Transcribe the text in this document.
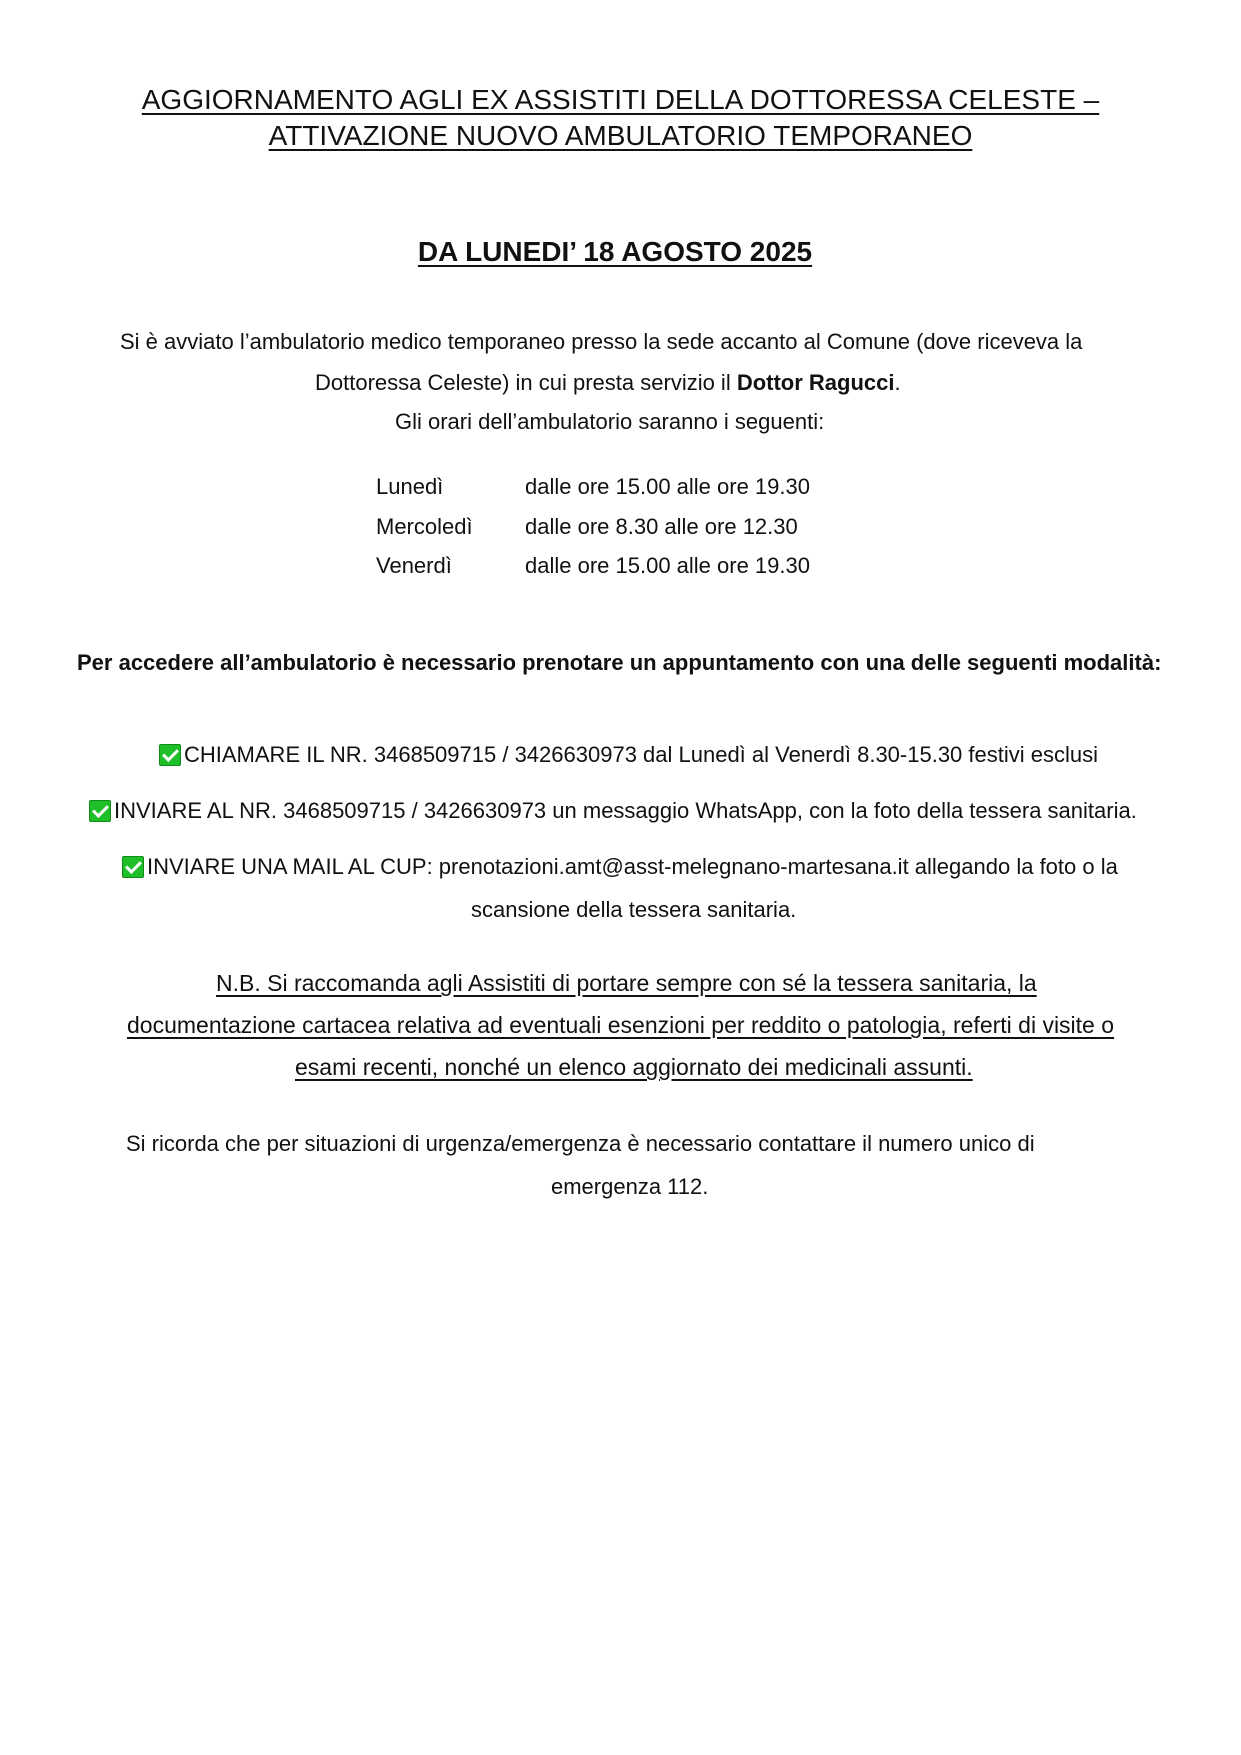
AGGIORNAMENTO AGLI EX ASSISTITI DELLA DOTTORESSA CELESTE –
ATTIVAZIONE NUOVO AMBULATORIO TEMPORANEO
DA LUNEDI’ 18 AGOSTO 2025
Si è avviato l’ambulatorio medico temporaneo presso la sede accanto al Comune (dove riceveva la
Dottoressa Celeste) in cui presta servizio il Dottor Ragucci.
Gli orari dell’ambulatorio saranno i seguenti:
Lunedì	dalle ore 15.00 alle ore 19.30
Mercoledì dalle ore 8.30 alle ore 12.30
Venerdì	dalle ore 15.00 alle ore 19.30
Per accedere all’ambulatorio è necessario prenotare un appuntamento con una delle seguenti modalità:
CHIAMARE IL NR. 3468509715 / 3426630973 dal Lunedì al Venerdì 8.30-15.30 festivi esclusi
INVIARE AL NR. 3468509715 / 3426630973 un messaggio WhatsApp, con la foto della tessera sanitaria.
INVIARE UNA MAIL AL CUP: prenotazioni.amt@asst-melegnano-martesana.it allegando la foto o la
scansione della tessera sanitaria.
N.B. Si raccomanda agli Assistiti di portare sempre con sé la tessera sanitaria, la
documentazione cartacea relativa ad eventuali esenzioni per reddito o patologia, referti di visite o
esami recenti, nonché un elenco aggiornato dei medicinali assunti.
Si ricorda che per situazioni di urgenza/emergenza è necessario contattare il numero unico di
emergenza 112.
